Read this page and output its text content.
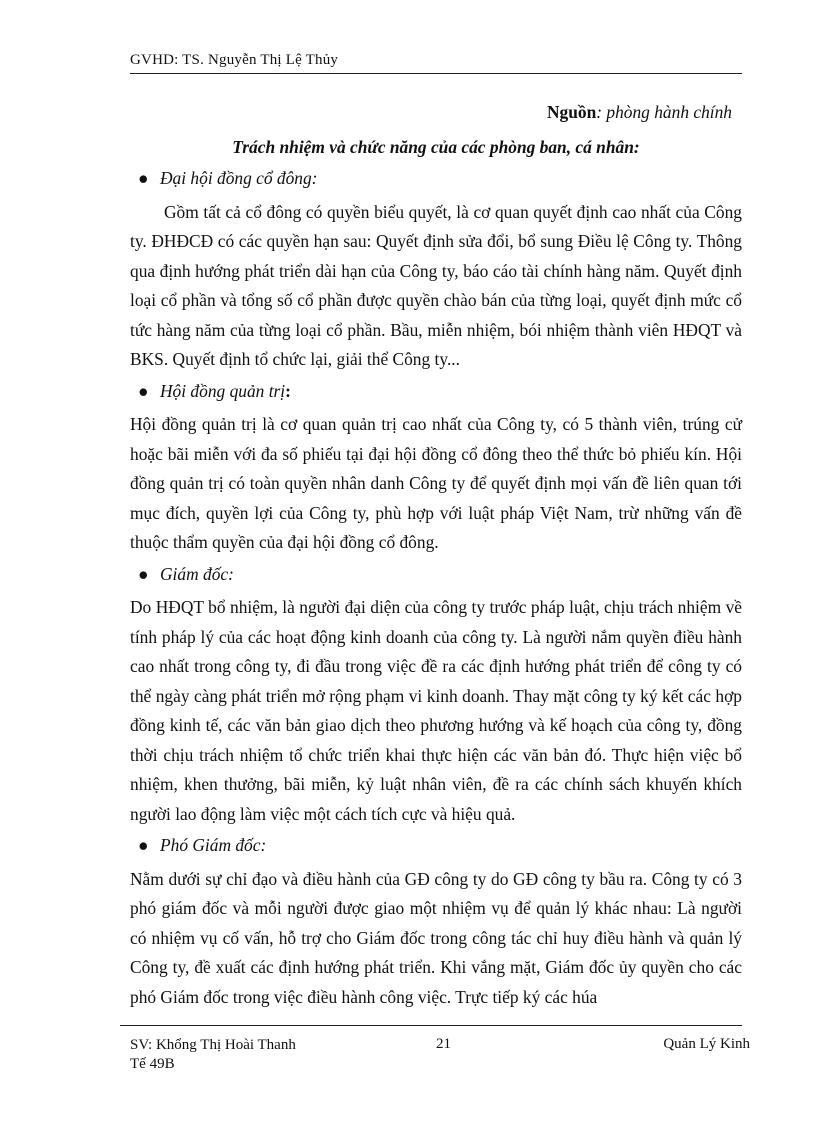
GVHD: TS. Nguyễn Thị Lệ Thủy

Nguồn: phòng hành chính

Trách nhiệm và chức năng của các phòng ban, cá nhân:

● Đại hội đồng cổ đông:

Gồm tất cả cổ đông có quyền biểu quyết, là cơ quan quyết định cao nhất của Công ty. ĐHĐCĐ có các quyền hạn sau: Quyết định sửa đổi, bổ sung Điều lệ Công ty. Thông qua định hướng phát triển dài hạn của Công ty, báo cáo tài chính hàng năm. Quyết định loại cổ phần và tổng số cổ phần được quyền chào bán của từng loại, quyết định mức cổ tức hàng năm của từng loại cổ phần. Bầu, miễn nhiệm, bói nhiệm thành viên HĐQT và BKS. Quyết định tổ chức lại, giải thể Công ty...

● Hội đồng quản trị:

Hội đồng quản trị là cơ quan quản trị cao nhất của Công ty, có 5 thành viên, trúng cử hoặc bãi miễn với đa số phiếu tại đại hội đồng cổ đông theo thể thức bỏ phiếu kín. Hội đồng quản trị có toàn quyền nhân danh Công ty để quyết định mọi vấn đề liên quan tới mục đích, quyền lợi của Công ty, phù hợp với luật pháp Việt Nam, trừ những vấn đề thuộc thẩm quyền của đại hội đồng cổ đông.

● Giám đốc:

Do HĐQT bổ nhiệm, là người đại diện của công ty trước pháp luật, chịu trách nhiệm về tính pháp lý của các hoạt động kinh doanh của công ty. Là người nắm quyền điều hành cao nhất trong công ty, đi đầu trong việc đề ra các định hướng phát triển để công ty có thể ngày càng phát triển mở rộng phạm vi kinh doanh. Thay mặt công ty ký kết các hợp đồng kinh tế, các văn bản giao dịch theo phương hướng và kế hoạch của công ty, đồng thời chịu trách nhiệm tổ chức triển khai thực hiện các văn bản đó. Thực hiện việc bổ nhiệm, khen thưởng, bãi miễn, kỷ luật nhân viên, đề ra các chính sách khuyến khích người lao động làm việc một cách tích cực và hiệu quả.

● Phó Giám đốc:

Nằm dưới sự chỉ đạo và điều hành của GĐ công ty do GĐ công ty bầu ra. Công ty có 3 phó giám đốc và mỗi người được giao một nhiệm vụ để quản lý khác nhau: Là người có nhiệm vụ cố vấn, hỗ trợ cho Giám đốc trong công tác chỉ huy điều hành và quản lý Công ty, đề xuất các định hướng phát triển. Khi vắng mặt, Giám đốc ủy quyền cho các phó Giám đốc trong việc điều hành công việc. Trực tiếp ký các húa

SV: Khổng Thị Hoài Thanh
Tế 49B
21	Quản Lý Kinh
